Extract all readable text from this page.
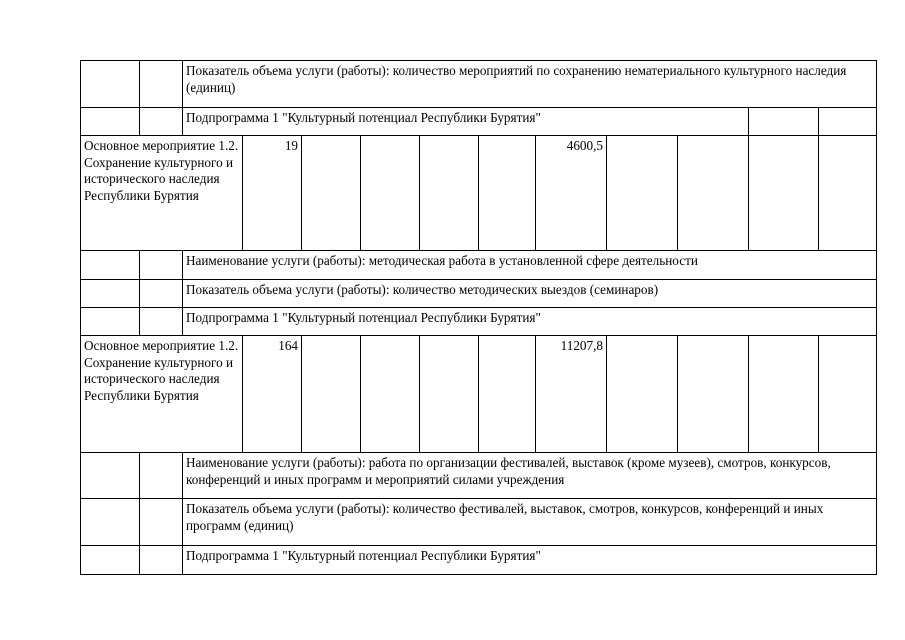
		Показатель объема услуги (работы): количество мероприятий по сохранению нематериального культурного наследия (единиц)										
		Подпрограмма 1 "Культурный потенциал Республики Бурятия"										
Основное мероприятие 1.2. Сохранение культурного и исторического наследия Республики Бурятия			19					4600,5				
		Наименование услуги (работы): методическая работа в установленной сфере деятельности										
		Показатель объема услуги (работы): количество методических выездов (семинаров)										
		Подпрограмма 1 "Культурный потенциал Республики Бурятия"										
Основное мероприятие 1.2. Сохранение культурного и исторического наследия Республики Бурятия			164					11207,8				
		Наименование услуги (работы): работа по организации фестивалей, выставок (кроме музеев), смотров, конкурсов, конференций и иных программ и мероприятий силами учреждения										
		Показатель объема услуги (работы): количество фестивалей, выставок, смотров, конкурсов, конференций и иных программ (единиц)										
		Подпрограмма 1 "Культурный потенциал Республики Бурятия"										
